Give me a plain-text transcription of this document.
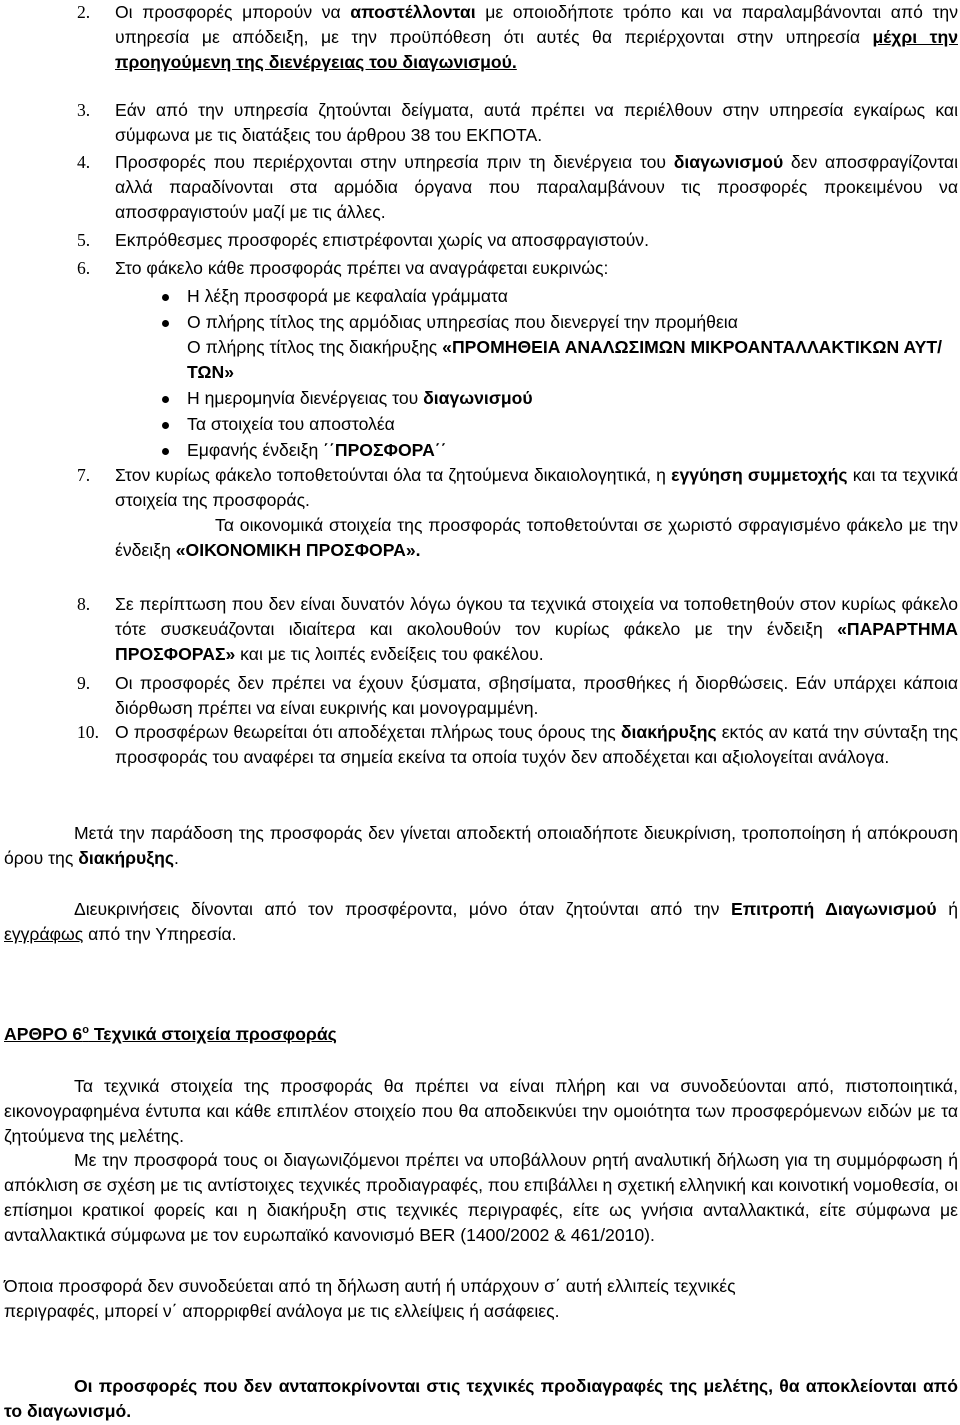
2. Οι προσφορές μπορούν να αποστέλλονται με οποιοδήποτε τρόπο και να παραλαμβάνονται από την υπηρεσία με απόδειξη, με την προϋπόθεση ότι αυτές θα περιέρχονται στην υπηρεσία μέχρι την προηγούμενη της διενέργειας του διαγωνισμού.
3. Εάν από την υπηρεσία ζητούνται δείγματα, αυτά πρέπει να περιέλθουν στην υπηρεσία εγκαίρως και σύμφωνα με τις διατάξεις του άρθρου 38 του ΕΚΠΟΤΑ.
4. Προσφορές που περιέρχονται στην υπηρεσία πριν τη διενέργεια του διαγωνισμού δεν αποσφραγίζονται αλλά παραδίνονται στα αρμόδια όργανα που παραλαμβάνουν τις προσφορές προκειμένου να αποσφραγιστούν μαζί με τις άλλες.
5. Εκπρόθεσμες προσφορές επιστρέφονται χωρίς να αποσφραγιστούν.
6. Στο φάκελο κάθε προσφοράς πρέπει να αναγράφεται ευκρινώς:
Η λέξη προσφορά με κεφαλαία γράμματα
Ο πλήρης τίτλος της αρμόδιας υπηρεσίας που διενεργεί την προμήθεια
Ο πλήρης τίτλος της διακήρυξης «ΠΡΟΜΗΘΕΙΑ ΑΝΑΛΩΣΙΜΩΝ ΜΙΚΡΟΑΝΤΑΛΛΑΚΤΙΚΩΝ ΑΥΤ/ΤΩΝ»
Η ημερομηνία διενέργειας του διαγωνισμού
Τα στοιχεία του αποστολέα
Εμφανής ένδειξη ΄΄ΠΡΟΣΦΟΡΑ΄΄
7. Στον κυρίως φάκελο τοποθετούνται όλα τα ζητούμενα δικαιολογητικά, η εγγύηση συμμετοχής και τα τεχνικά στοιχεία της προσφοράς.
Τα οικονομικά στοιχεία της προσφοράς τοποθετούνται σε χωριστό σφραγισμένο φάκελο με την ένδειξη «ΟΙΚΟΝΟΜΙΚΗ ΠΡΟΣΦΟΡΑ».
8. Σε περίπτωση που δεν είναι δυνατόν λόγω όγκου τα τεχνικά στοιχεία να τοποθετηθούν στον κυρίως φάκελο τότε συσκευάζονται ιδιαίτερα και ακολουθούν τον κυρίως φάκελο με την ένδειξη «ΠΑΡΑΡΤΗΜΑ ΠΡΟΣΦΟΡΑΣ» και με τις λοιπές ενδείξεις του φακέλου.
9. Οι προσφορές δεν πρέπει να έχουν ξύσματα, σβησίματα, προσθήκες ή διορθώσεις. Εάν υπάρχει κάποια διόρθωση πρέπει να είναι ευκρινής και μονογραμμένη.
10. Ο προσφέρων θεωρείται ότι αποδέχεται πλήρως τους όρους της διακήρυξης εκτός αν κατά την σύνταξη της προσφοράς του αναφέρει τα σημεία εκείνα τα οποία τυχόν δεν αποδέχεται και αξιολογείται ανάλογα.
Μετά την παράδοση της προσφοράς δεν γίνεται αποδεκτή οποιαδήποτε διευκρίνιση, τροποποίηση ή απόκρουση όρου της διακήρυξης.
Διευκρινήσεις δίνονται από τον προσφέροντα, μόνο όταν ζητούνται από την Επιτροπή Διαγωνισμού ή εγγράφως από την Υπηρεσία.
ΑΡΘΡΟ $6^o$ Τεχνικά στοιχεία προσφοράς
Τα τεχνικά στοιχεία της προσφοράς θα πρέπει να είναι πλήρη και να συνοδεύονται από, πιστοποιητικά, εικονογραφημένα έντυπα και κάθε επιπλέον στοιχείο που θα αποδεικνύει την ομοιότητα των προσφερόμενων ειδών με τα ζητούμενα της μελέτης.
Με την προσφορά τους οι διαγωνιζόμενοι πρέπει να υποβάλλουν ρητή αναλυτική δήλωση για τη συμμόρφωση ή απόκλιση σε σχέση με τις αντίστοιχες τεχνικές προδιαγραφές, που επιβάλλει η σχετική ελληνική και κοινοτική νομοθεσία, οι επίσημοι κρατικοί φορείς και η διακήρυξη στις τεχνικές περιγραφές, είτε ως γνήσια ανταλλακτικά, είτε σύμφωνα με ανταλλακτικά σύμφωνα με τον ευρωπαϊκό κανονισμό BER (1400/2002 & 461/2010).
Όποια προσφορά δεν συνοδεύεται από τη δήλωση αυτή ή υπάρχουν σ΄ αυτή ελλιπείς τεχνικές
περιγραφές, μπορεί ν΄ απορριφθεί ανάλογα με τις ελλείψεις ή ασάφειες.
Οι προσφορές που δεν ανταποκρίνονται στις τεχνικές προδιαγραφές της μελέτης, θα αποκλείονται από το διαγωνισμό.
